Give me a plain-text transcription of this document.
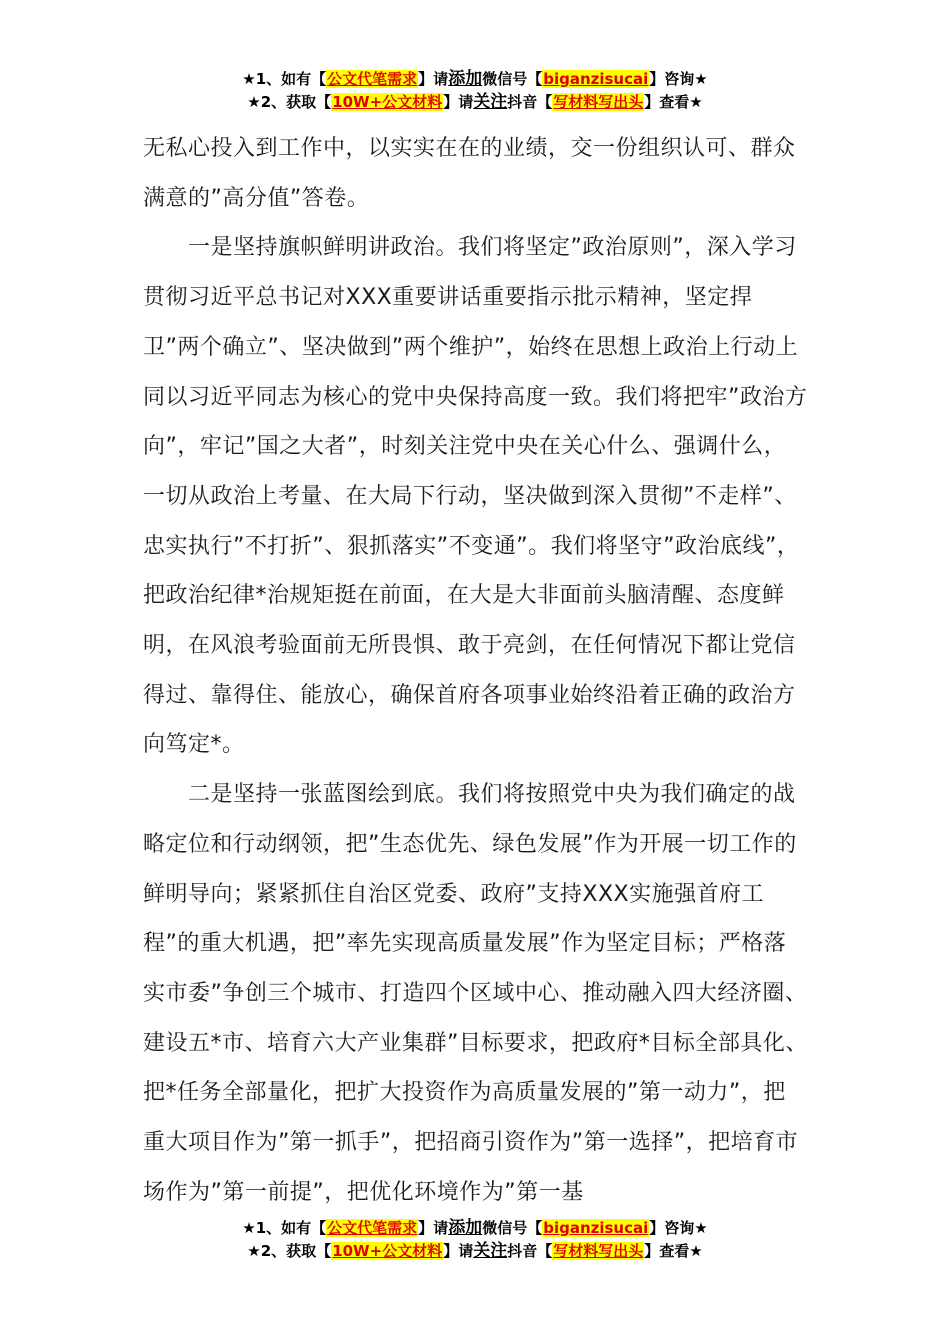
★1、如有【公文代笔需求】请添加微信号【biganzisucai】咨询★
★2、获取【10W+公文材料】请关注抖音【写材料写出头】查看★

无私心投入到工作中，以实实在在的业绩，交一份组织认可、群众满意的”高分值”答卷。

一是坚持旗帜鲜明讲政治。我们将坚定”政治原则”，深入学习贯彻习近平总书记对XXX重要讲话重要指示批示精神，坚定捍卫”两个确立”、坚决做到”两个维护”，始终在思想上政治上行动上同以习近平同志为核心的党中央保持高度一致。我们将把牢”政治方向”，牢记”国之大者”，时刻关注党中央在关心什么、强调什么，一切从政治上考量、在大局下行动，坚决做到深入贯彻”不走样”、忠实执行”不打折”、狠抓落实”不变通”。我们将坚守”政治底线”，把政治纪律*治规矩挺在前面，在大是大非面前头脑清醒、态度鲜明，在风浪考验面前无所畏惧、敢于亮剑，在任何情况下都让党信得过、靠得住、能放心，确保首府各项事业始终沿着正确的政治方向笃定*。

二是坚持一张蓝图绘到底。我们将按照党中央为我们确定的战略定位和行动纲领，把”生态优先、绿色发展”作为开展一切工作的鲜明导向；紧紧抓住自治区党委、政府”支持XXX实施强首府工程”的重大机遇，把”率先实现高质量发展”作为坚定目标；严格落实市委”争创三个城市、打造四个区域中心、推动融入四大经济圈、建设五*市、培育六大产业集群”目标要求，把政府*目标全部具化、把*任务全部量化，把扩大投资作为高质量发展的”第一动力”，把重大项目作为”第一抓手”，把招商引资作为”第一选择”，把培育市场作为”第一前提”，把优化环境作为”第一基

★1、如有【公文代笔需求】请添加微信号【biganzisucai】咨询★
★2、获取【10W+公文材料】请关注抖音【写材料写出头】查看★
